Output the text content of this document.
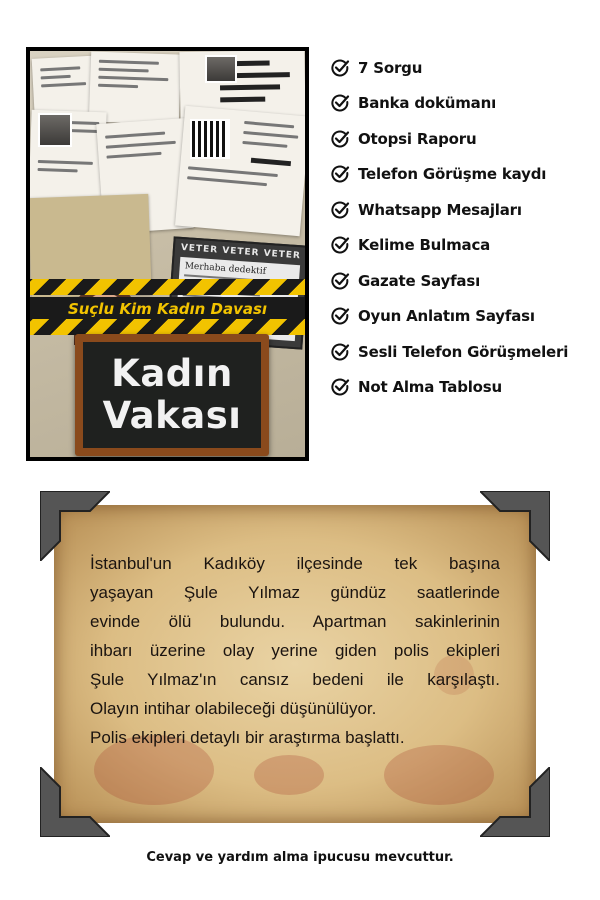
VETER VETER VETER
Merhaba dedektif
Suçlu Kim Kadın Davası
Kadın
Vakası
7 Sorgu
Banka dokümanı
Otopsi Raporu
Telefon Görüşme kaydı
Whatsapp Mesajları
Kelime Bulmaca
Gazate Sayfası
Oyun Anlatım Sayfası
Sesli Telefon Görüşmeleri
Not Alma Tablosu

İstanbul'un Kadıköy ilçesinde tek başına

yaşayan Şule Yılmaz gündüz saatlerinde

evinde ölü bulundu. Apartman sakinlerinin

ihbarı üzerine olay yerine giden polis ekipleri

Şule Yılmaz'ın cansız bedeni ile karşılaştı.

Olayın intihar olabileceği düşünülüyor.

Polis ekipleri detaylı bir araştırma başlattı.

Cevap ve yardım alma ipucusu mevcuttur.
